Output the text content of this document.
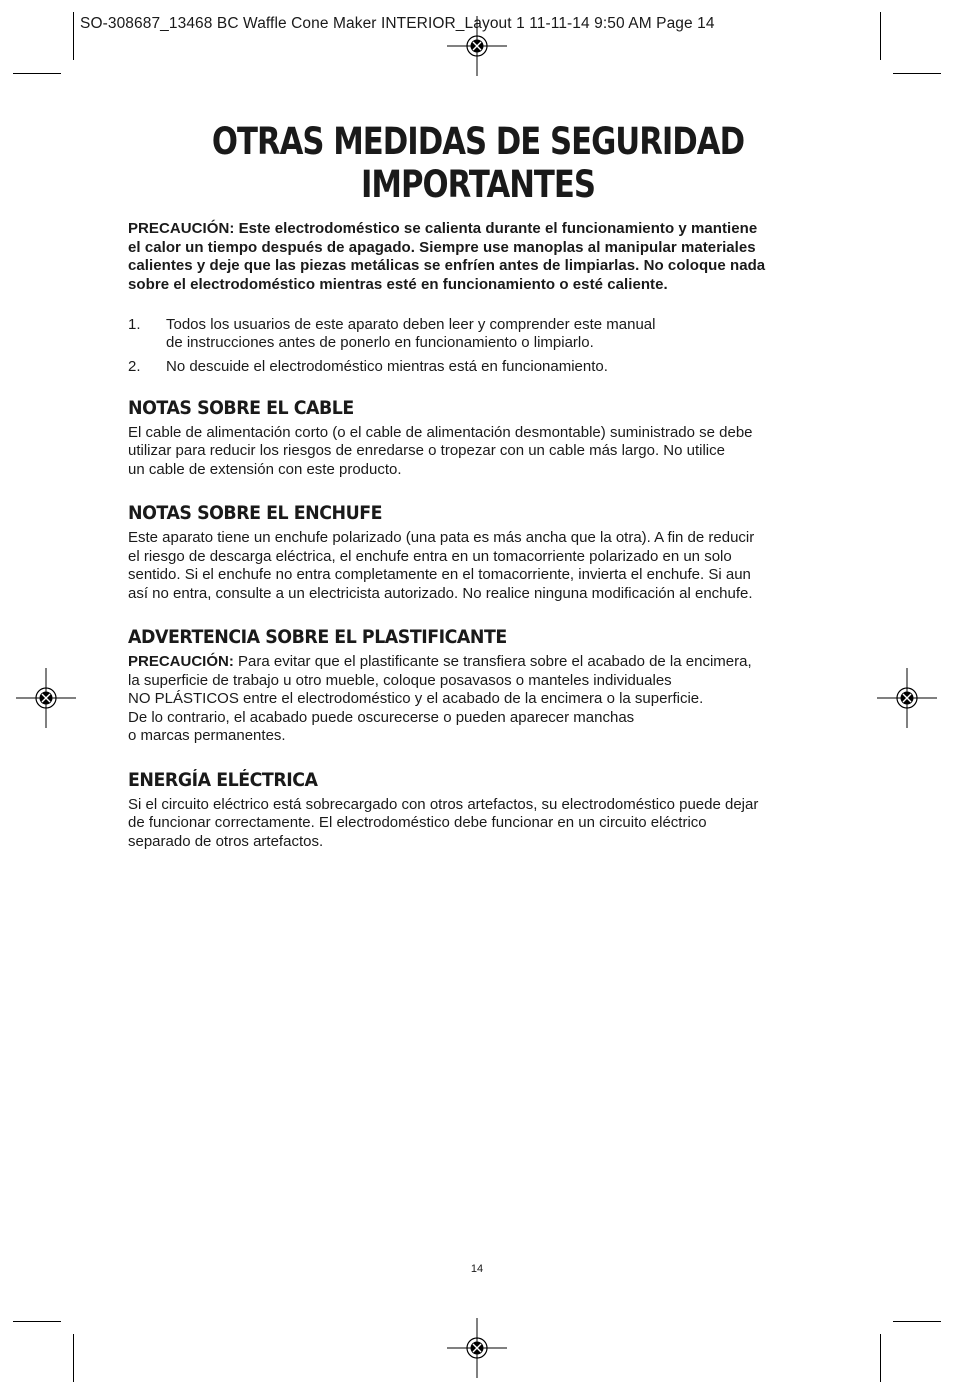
SO-308687_13468 BC Waffle Cone Maker INTERIOR_Layout 1 11-11-14 9:50 AM Page 14
OTRAS MEDIDAS DE SEGURIDAD
IMPORTANTES

PRECAUCIÓN: Este electrodoméstico se calienta durante el funcionamiento y mantiene
el calor un tiempo después de apagado. Siempre use manoplas al manipular materiales
calientes y deje que las piezas metálicas se enfríen antes de limpiarlas. No coloque nada
sobre el electrodoméstico mientras esté en funcionamiento o esté caliente.

1. Todos los usuarios de este aparato deben leer y comprender este manual
de instrucciones antes de ponerlo en funcionamiento o limpiarlo.
2. No descuide el electrodoméstico mientras está en funcionamiento.
NOTAS SOBRE EL CABLE

El cable de alimentación corto (o el cable de alimentación desmontable) suministrado se debe
utilizar para reducir los riesgos de enredarse o tropezar con un cable más largo. No utilice
un cable de extensión con este producto.

NOTAS SOBRE EL ENCHUFE

Este aparato tiene un enchufe polarizado (una pata es más ancha que la otra). A fin de reducir
el riesgo de descarga eléctrica, el enchufe entra en un tomacorriente polarizado en un solo
sentido. Si el enchufe no entra completamente en el tomacorriente, invierta el enchufe. Si aun
así no entra, consulte a un electricista autorizado. No realice ninguna modificación al enchufe.

ADVERTENCIA SOBRE EL PLASTIFICANTE

PRECAUCIÓN: Para evitar que el plastificante se transfiera sobre el acabado de la encimera,
la superficie de trabajo u otro mueble, coloque posavasos o manteles individuales
NO PLÁSTICOS entre el electrodoméstico y el acabado de la encimera o la superficie.
De lo contrario, el acabado puede oscurecerse o pueden aparecer manchas
o marcas permanentes.

ENERGÍA ELÉCTRICA

Si el circuito eléctrico está sobrecargado con otros artefactos, su electrodoméstico puede dejar
de funcionar correctamente. El electrodoméstico debe funcionar en un circuito eléctrico
separado de otros artefactos.

14
